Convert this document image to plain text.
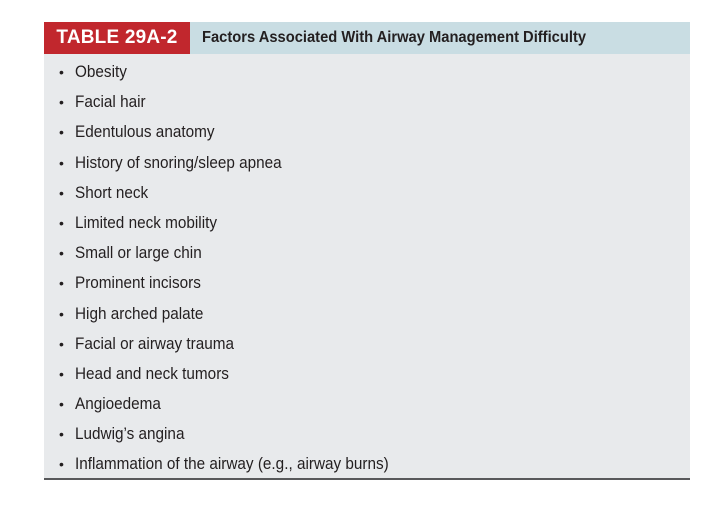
TABLE 29A-2	Factors Associated With Airway Management Difficulty
• Obesity
• Facial hair
• Edentulous anatomy
• History of snoring/sleep apnea
• Short neck
• Limited neck mobility
• Small or large chin
• Prominent incisors
• High arched palate
• Facial or airway trauma
• Head and neck tumors
• Angioedema
• Ludwig’s angina
• Inflammation of the airway (e.g., airway burns)
